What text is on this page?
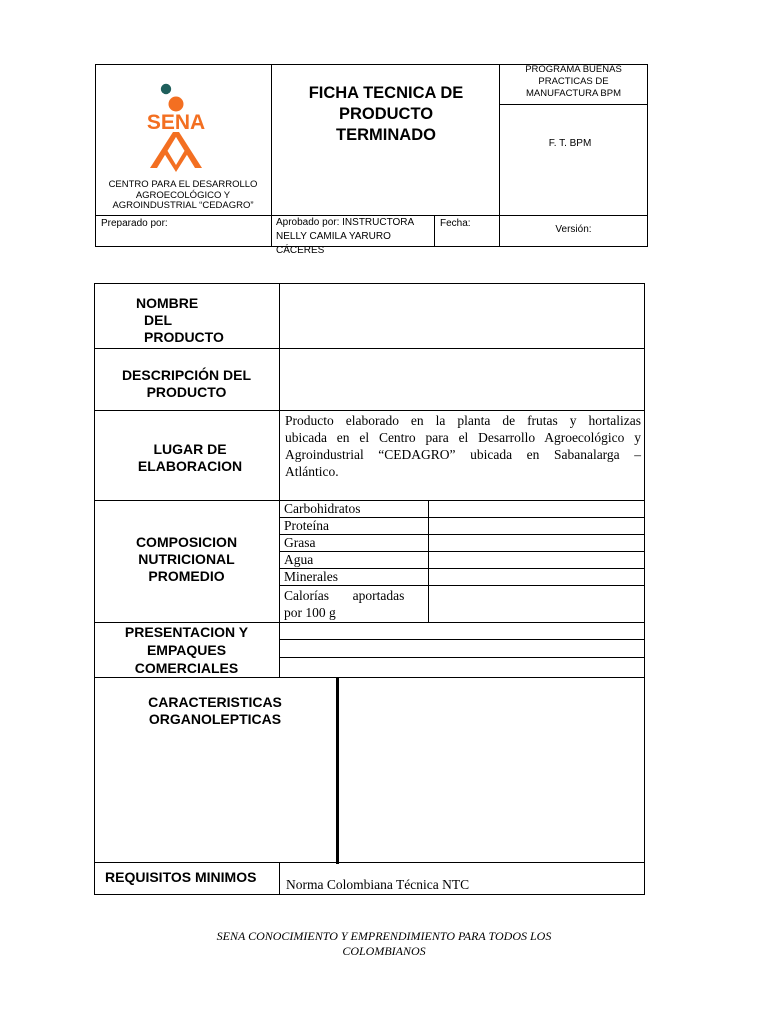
SENA
CENTRO PARA EL DESARROLLO
AGROECOLÓGICO Y
AGROINDUSTRIAL “CEDAGRO”
FICHA TECNICA DE
PRODUCTO
TERMINADO
PROGRAMA BUENAS
PRACTICAS DE
MANUFACTURA BPM
F. T. BPM
Preparado por:	Aprobado por: INSTRUCTORA
NELLY CAMILA YARURO CÁCERES
Fecha:
Versión:
NOMBRE
DEL
PRODUCTO
DESCRIPCIÓN DEL
PRODUCTO
LUGAR DE
ELABORACION
Producto elaborado en la planta de frutas y hortalizas
ubicada en el Centro para el Desarrollo Agroecológico y
Agroindustrial “CEDAGRO” ubicada en Sabanalarga –
Atlántico.
COMPOSICION
NUTRICIONAL
PROMEDIO
Carbohidratos
Proteína
Grasa
Agua
Minerales
Calorías       aportadas
por 100 g
PRESENTACION Y
EMPAQUES
COMERCIALES
CARACTERISTICAS
ORGANOLEPTICAS
REQUISITOS MINIMOS Norma Colombiana Técnica NTC
SENA CONOCIMIENTO Y EMPRENDIMIENTO PARA TODOS LOS
COLOMBIANOS
